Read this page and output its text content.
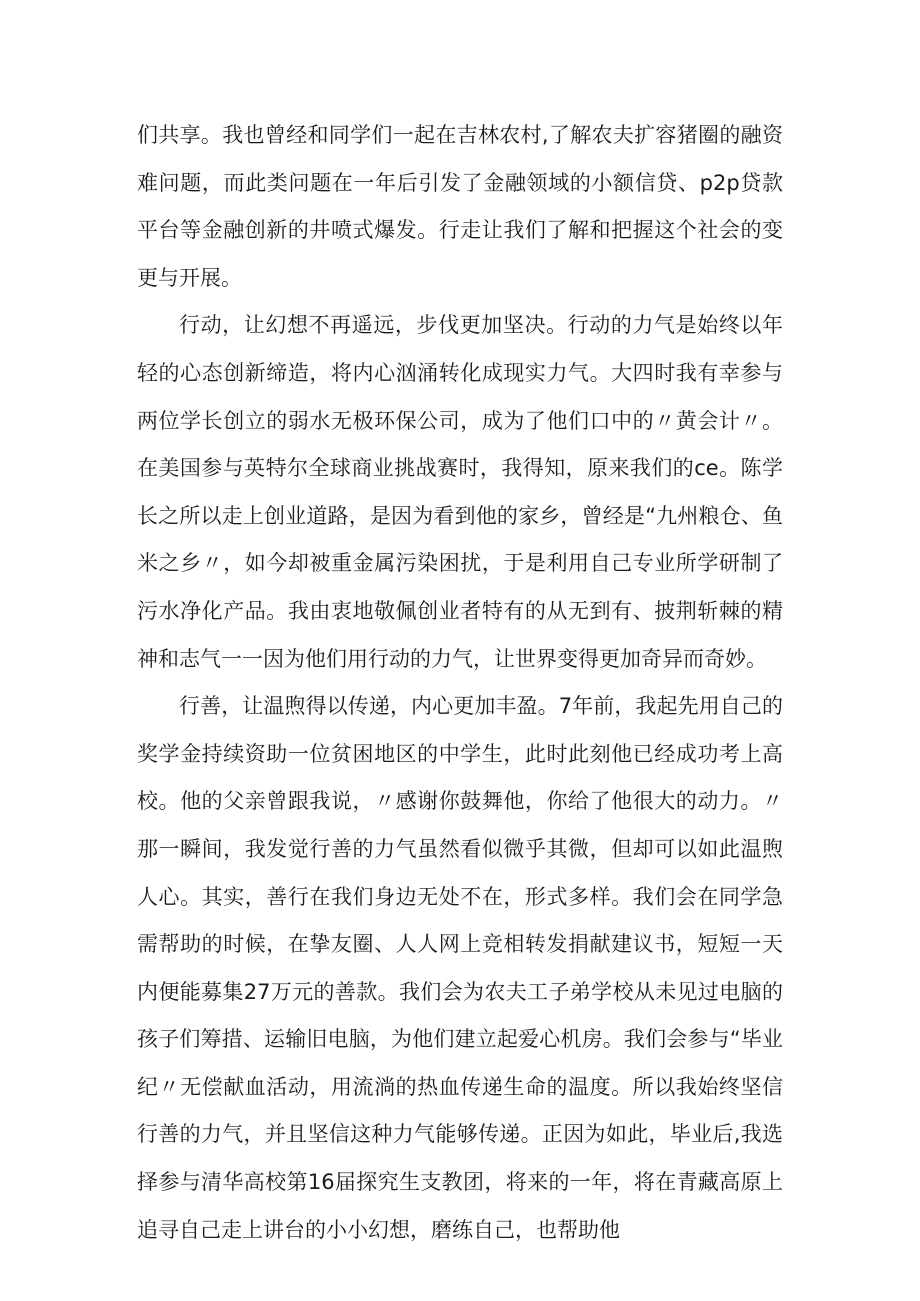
们共享。我也曾经和同学们一起在吉林农村,了解农夫扩容猪圈的融资难问题，而此类问题在一年后引发了金融领域的小额信贷、p2p贷款平台等金融创新的井喷式爆发。行走让我们了解和把握这个社会的变更与开展。

行动，让幻想不再遥远，步伐更加坚决。行动的力气是始终以年轻的心态创新缔造，将内心汹涌转化成现实力气。大四时我有幸参与两位学长创立的弱水无极环保公司，成为了他们口中的〃黄会计〃。在美国参与英特尔全球商业挑战赛时，我得知，原来我们的ce。陈学长之所以走上创业道路，是因为看到他的家乡，曾经是“九州粮仓、鱼米之乡〃，如今却被重金属污染困扰，于是利用自己专业所学研制了污水净化产品。我由衷地敬佩创业者特有的从无到有、披荆斩棘的精神和志气一一因为他们用行动的力气，让世界变得更加奇异而奇妙。

行善，让温煦得以传递，内心更加丰盈。7年前，我起先用自己的奖学金持续资助一位贫困地区的中学生，此时此刻他已经成功考上高校。他的父亲曾跟我说，〃感谢你鼓舞他，你给了他很大的动力。〃那一瞬间，我发觉行善的力气虽然看似微乎其微，但却可以如此温煦人心。其实，善行在我们身边无处不在，形式多样。我们会在同学急需帮助的时候，在挚友圈、人人网上竞相转发捐献建议书，短短一天内便能募集27万元的善款。我们会为农夫工子弟学校从未见过电脑的孩子们筹措、运输旧电脑，为他们建立起爱心机房。我们会参与“毕业纪〃无偿献血活动，用流淌的热血传递生命的温度。所以我始终坚信行善的力气，并且坚信这种力气能够传递。正因为如此，毕业后,我选择参与清华高校第16届探究生支教团，将来的一年，将在青藏高原上追寻自己走上讲台的小小幻想，磨练自己，也帮助他
